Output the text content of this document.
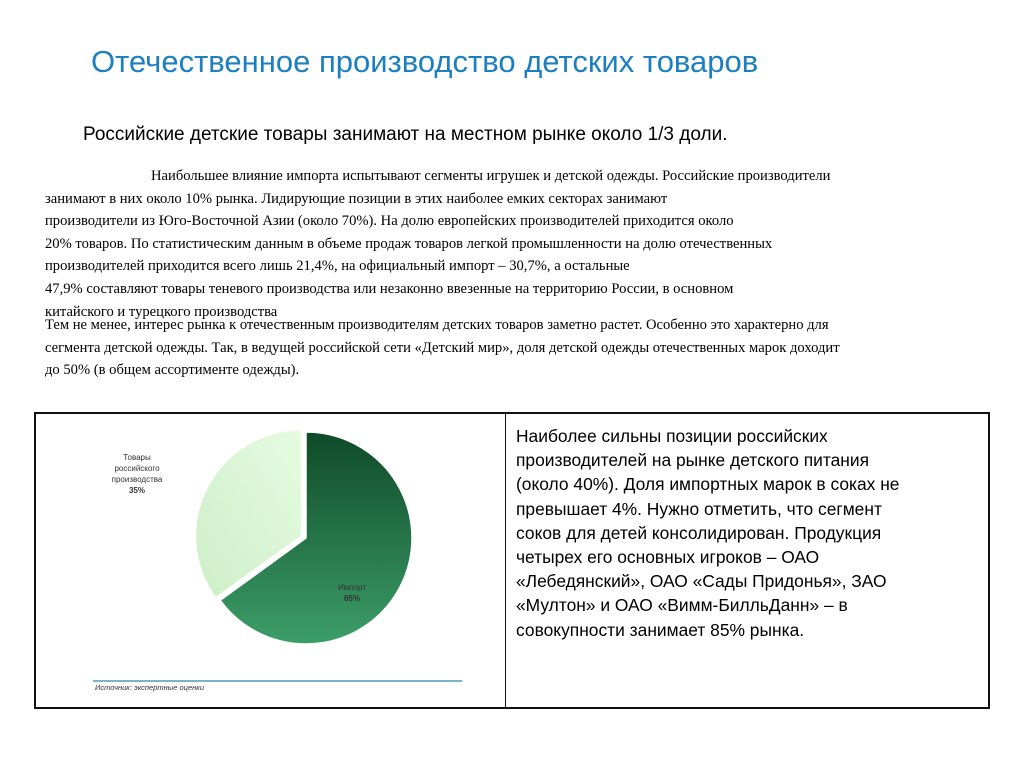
Отечественное производство детских товаров
Российские детские товары занимают на местном рынке около 1/3 доли.
Наибольшее влияние импорта испытывают сегменты игрушек и детской одежды. Российские производители
занимают в них около 10% рынка. Лидирующие позиции в этих наиболее емких секторах занимают
производители из Юго-Восточной Азии (около 70%). На долю европейских производителей приходится около
20% товаров. По статистическим данным в объеме продаж товаров легкой промышленности на долю отечественных
производителей приходится всего лишь 21,4%, на официальный импорт – 30,7%, а остальные
47,9% составляют товары теневого производства или незаконно ввезенные на территорию России, в основном
китайского и турецкого производства
Тем не менее, интерес рынка к отечественным производителям детских товаров заметно растет. Особенно это характерно для
сегмента детской одежды. Так, в ведущей российской сети «Детский мир», доля детской одежды отечественных марок доходит
до 50% (в общем ассортименте одежды).
Импорт 65%
Товары российского производства 35%
Источник: экспертные оценки
Наиболее сильны позиции российских
производителей на рынке детского питания
(около 40%). Доля импортных марок в соках не
превышает 4%. Нужно отметить, что сегмент
соков для детей консолидирован. Продукция
четырех его основных игроков – ОАО
«Лебедянский», ОАО «Сады Придонья», ЗАО
«Мултон» и ОАО «Вимм-БилльДанн» – в
совокупности занимает 85% рынка.
